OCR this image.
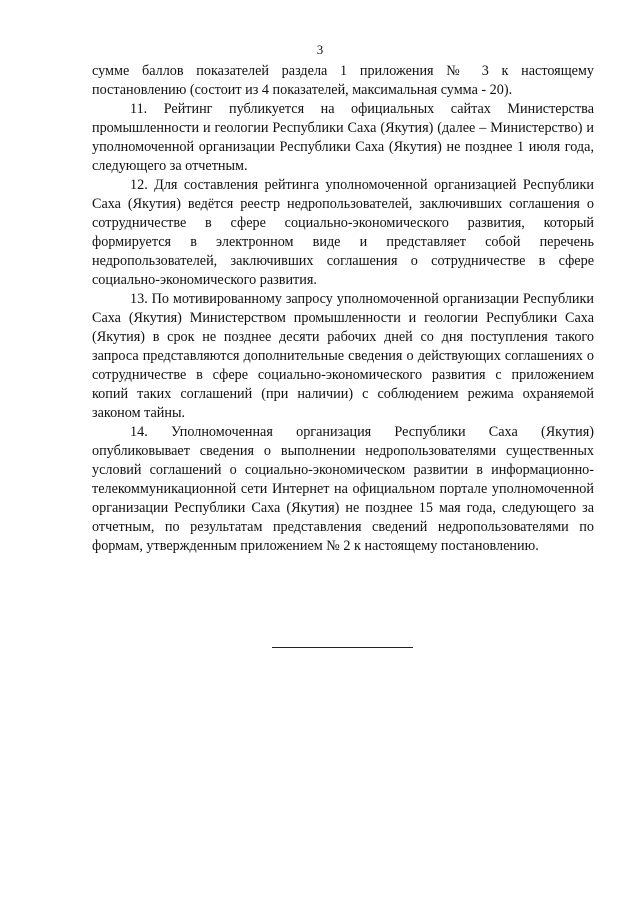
3

сумме баллов показателей раздела 1 приложения № 3 к настоящему постановлению (состоит из 4 показателей, максимальная сумма - 20).

11. Рейтинг публикуется на официальных сайтах Министерства промышленности и геологии Республики Саха (Якутия) (далее – Министерство) и уполномоченной организации Республики Саха (Якутия) не позднее 1 июля года, следующего за отчетным.

12. Для составления рейтинга уполномоченной организацией Республики Саха (Якутия) ведётся реестр недропользователей, заключивших соглашения о сотрудничестве в сфере социально-экономического развития, который формируется в электронном виде и представляет собой перечень недропользователей, заключивших соглашения о сотрудничестве в сфере социально-экономического развития.

13. По мотивированному запросу уполномоченной организации Республики Саха (Якутия) Министерством промышленности и геологии Республики Саха (Якутия) в срок не позднее десяти рабочих дней со дня поступления такого запроса представляются дополнительные сведения о действующих соглашениях о сотрудничестве в сфере социально-экономического развития с приложением копий таких соглашений (при наличии) с соблюдением режима охраняемой законом тайны.

14. Уполномоченная организация Республики Саха (Якутия) опубликовывает сведения о выполнении недропользователями существенных условий соглашений о социально-экономическом развитии в информационно-телекоммуникационной сети Интернет на официальном портале уполномоченной организации Республики Саха (Якутия) не позднее 15 мая года, следующего за отчетным, по результатам представления сведений недропользователями по формам, утвержденным приложением № 2 к настоящему постановлению.
